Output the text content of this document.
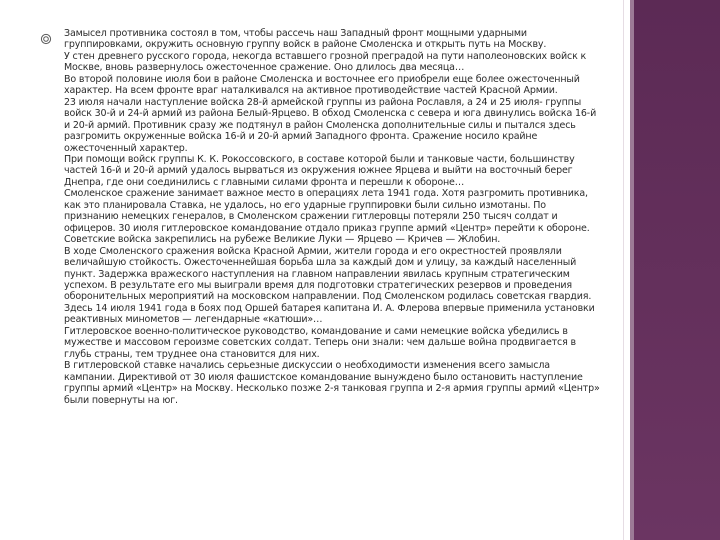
Замысел противника состоял в том, чтобы рассечь наш Западный фронт мощными ударными группировками, окружить основную группу войск в районе Смоленска и открыть путь на Москву.
У стен древнего русского города, некогда вставшего грозной преградой на пути наполеоновских войск к Москве, вновь развернулось ожесточенное сражение. Оно длилось два месяца…
Во второй половине июля бои в районе Смоленска и восточнее его приобрели еще более ожесточенный характер. На всем фронте враг наталкивался на активное противодействие частей Красной Армии.
23 июля начали наступление войска 28-й армейской группы из района Рославля, а 24 и 25 июля- группы войск 30-й и 24-й армий из района Белый-Ярцево. В обход Смоленска с севера и юга двинулись войска 16-й и 20-й армий. Противник сразу же подтянул в район Смоленска дополнительные силы и пытался здесь разгромить окруженные войска 16-й и 20-й армий Западного фронта. Сражение носило крайне ожесточенный характер.
При помощи войск группы К. К. Рокоссовского, в составе которой были и танковые части, большинству частей 16-й и 20-й армий удалось вырваться из окружения южнее Ярцева и выйти на восточный берег Днепра, где они соединились с главными силами фронта и перешли к обороне…
Смоленское сражение занимает важное место в операциях лета 1941 года. Хотя разгромить противника, как это планировала Ставка, не удалось, но его ударные группировки были сильно измотаны. По признанию немецких генералов, в Смоленском сражении гитлеровцы потеряли 250 тысяч солдат и офицеров. 30 июля гитлеровское командование отдало приказ группе армий «Центр» перейти к обороне. Советские войска закрепились на рубеже Великие Луки — Ярцево — Кричев — Жлобин.
В ходе Смоленского сражения войска Красной Армии, жители города и его окрестностей проявляли величайшую стойкость. Ожесточеннейшая борьба шла за каждый дом и улицу, за каждый населенный пункт. Задержка вражеского наступления на главном направлении явилась крупным стратегическим успехом. В результате его мы выиграли время для подготовки стратегических резервов и проведения оборонительных мероприятий на московском направлении. Под Смоленском родилась советская гвардия. Здесь 14 июля 1941 года в боях под Оршей батарея капитана И. А. Флерова впервые применила установки реактивных минометов — легендарные «катюши»…
Гитлеровское военно-политическое руководство, командование и сами немецкие войска убедились в мужестве и массовом героизме советских солдат. Теперь они знали: чем дальше война продвигается в глубь страны, тем труднее она становится для них.
В гитлеровской ставке начались серьезные дискуссии о необходимости изменения всего замысла кампании. Директивой от 30 июля фашистское командование вынуждено было остановить наступление группы армий «Центр» на Москву. Несколько позже 2-я танковая группа и 2-я армия группы армий «Центр» были повернуты на юг.
